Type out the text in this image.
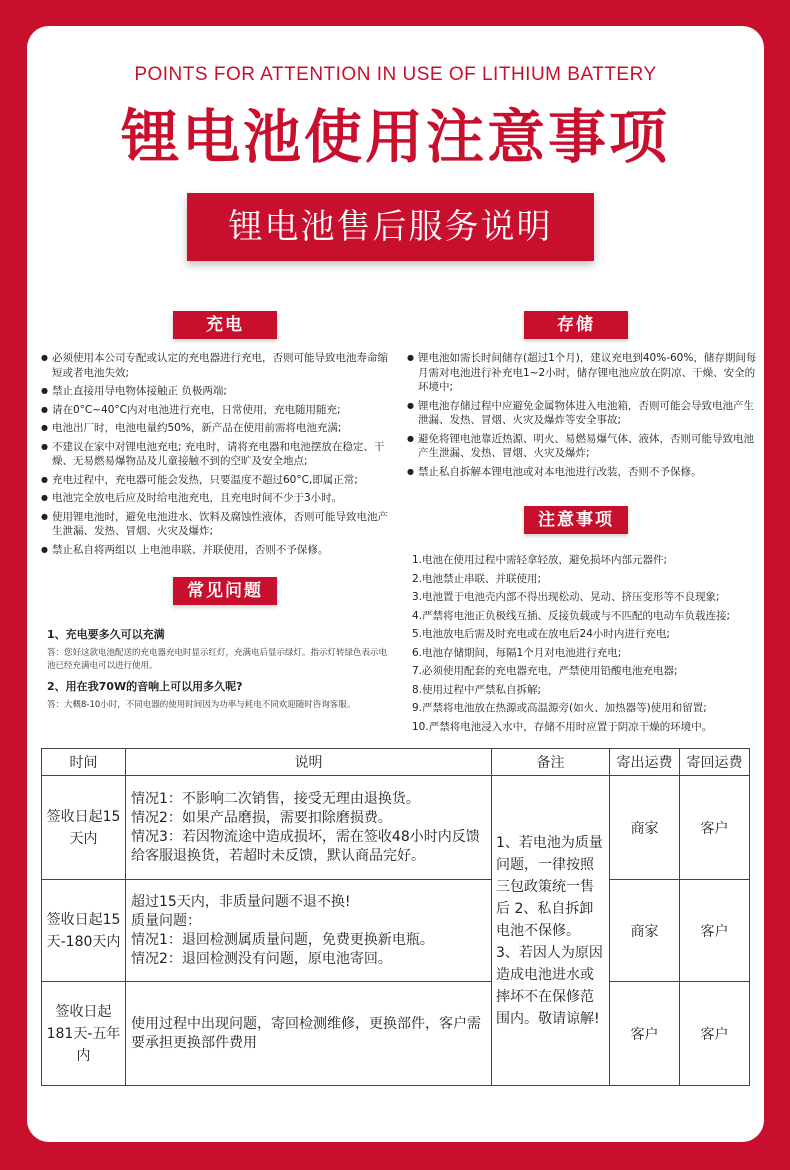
POINTS FOR ATTENTION IN USE OF LITHIUM BATTERY
锂电池使用注意事项
锂电池售后服务说明
充电
● 必须使用本公司专配或认定的充电器进行充电，否则可能导致电池寿命缩短或者电池失效;
● 禁止直接用导电物体接触正 负极两端;
● 请在0°C~40°C内对电池进行充电，日常使用，充电随用随充;
● 电池出厂时，电池电量约50%，新产品在使用前需将电池充满;
● 不建议在家中对锂电池充电; 充电时，请将充电器和电池摆放在稳定、干燥、无易燃易爆物品及儿童接触不到的空旷及安全地点;
● 充电过程中，充电器可能会发热，只要温度不超过60°C,即属正常;
● 电池完全放电后应及时给电池充电，且充电时间不少于3小时。
● 使用锂电池时，避免电池进水、饮料及腐蚀性液体，否则可能导致电池产生泄漏、发热、冒烟、火灾及爆炸;
● 禁止私自将两组以 上电池串联、并联使用，否则不予保修。
存储
● 锂电池如需长时间储存(超过1个月)，建议充电到40%-60%，储存期间每月需对电池进行补充电1~2小时，储存锂电池应放在阴凉、干燥、安全的环境中;
● 锂电池存储过程中应避免金属物体进入电池箱，否则可能会导致电池产生泄漏、发热、冒烟、火灾及爆炸等安全事故;
● 避免将锂电池靠近热源、明火、易燃易爆气体、液体，否则可能导致电池产生泄漏、发热、冒烟、火灾及爆炸;
● 禁止私自拆解本锂电池或对本电池进行改装，否则不予保修。
常见问题
1、充电要多久可以充满
答：您好这款电池配送的充电器充电时显示红灯，充满电后显示绿灯。指示灯转绿色表示电池已经充满电可以进行使用。
2、用在我70W的音响上可以用多久呢?
答：大概8-10小时，不同电器的使用时间因为功率与耗电不同欢迎随时咨询客服。
注意事项
1.电池在使用过程中需轻拿轻放，避免损坏内部元器件;
2.电池禁止串联、并联使用;
3.电池置于电池壳内部不得出现松动、晃动、挤压变形等不良现象;
4.严禁将电池正负极线互插、反接负载或与不匹配的电动车负载连接;
5.电池放电后需及时充电或在放电后24小时内进行充电;
6.电池存储期间，每隔1个月对电池进行充电;
7.必须使用配套的充电器充电，严禁使用铅酸电池充电器;
8.使用过程中严禁私自拆解;
9.严禁将电池放在热源或高温源旁(如火、加热器等)使用和留置;
10.严禁将电池浸入水中，存储不用时应置于阴凉干燥的环境中。
时间	说明	备注	寄出运费	寄回运费
签收日起15天内	情况1：不影响二次销售，接受无理由退换货。
情况2：如果产品磨损，需要扣除磨损费。
情况3：若因物流途中造成损坏，需在签收48小时内反馈给客服退换货，若超时未反馈，默认商品完好。	1、若电池为质量问题，一律按照三包政策统一售后 2、私自拆卸电池不保修。 3、若因人为原因造成电池进水或摔坏不在保修范围内。敬请谅解!	商家	客户
签收日起15天-180天内	超过15天内，非质量问题不退不换!
质量问题：
情况1：退回检测属质量问题，免费更换新电瓶。
情况2：退回检测没有问题，原电池寄回。		商家	客户
签收日起181天-五年内	使用过程中出现问题，寄回检测维修，更换部件，客户需要承担更换部件费用		客户	客户
